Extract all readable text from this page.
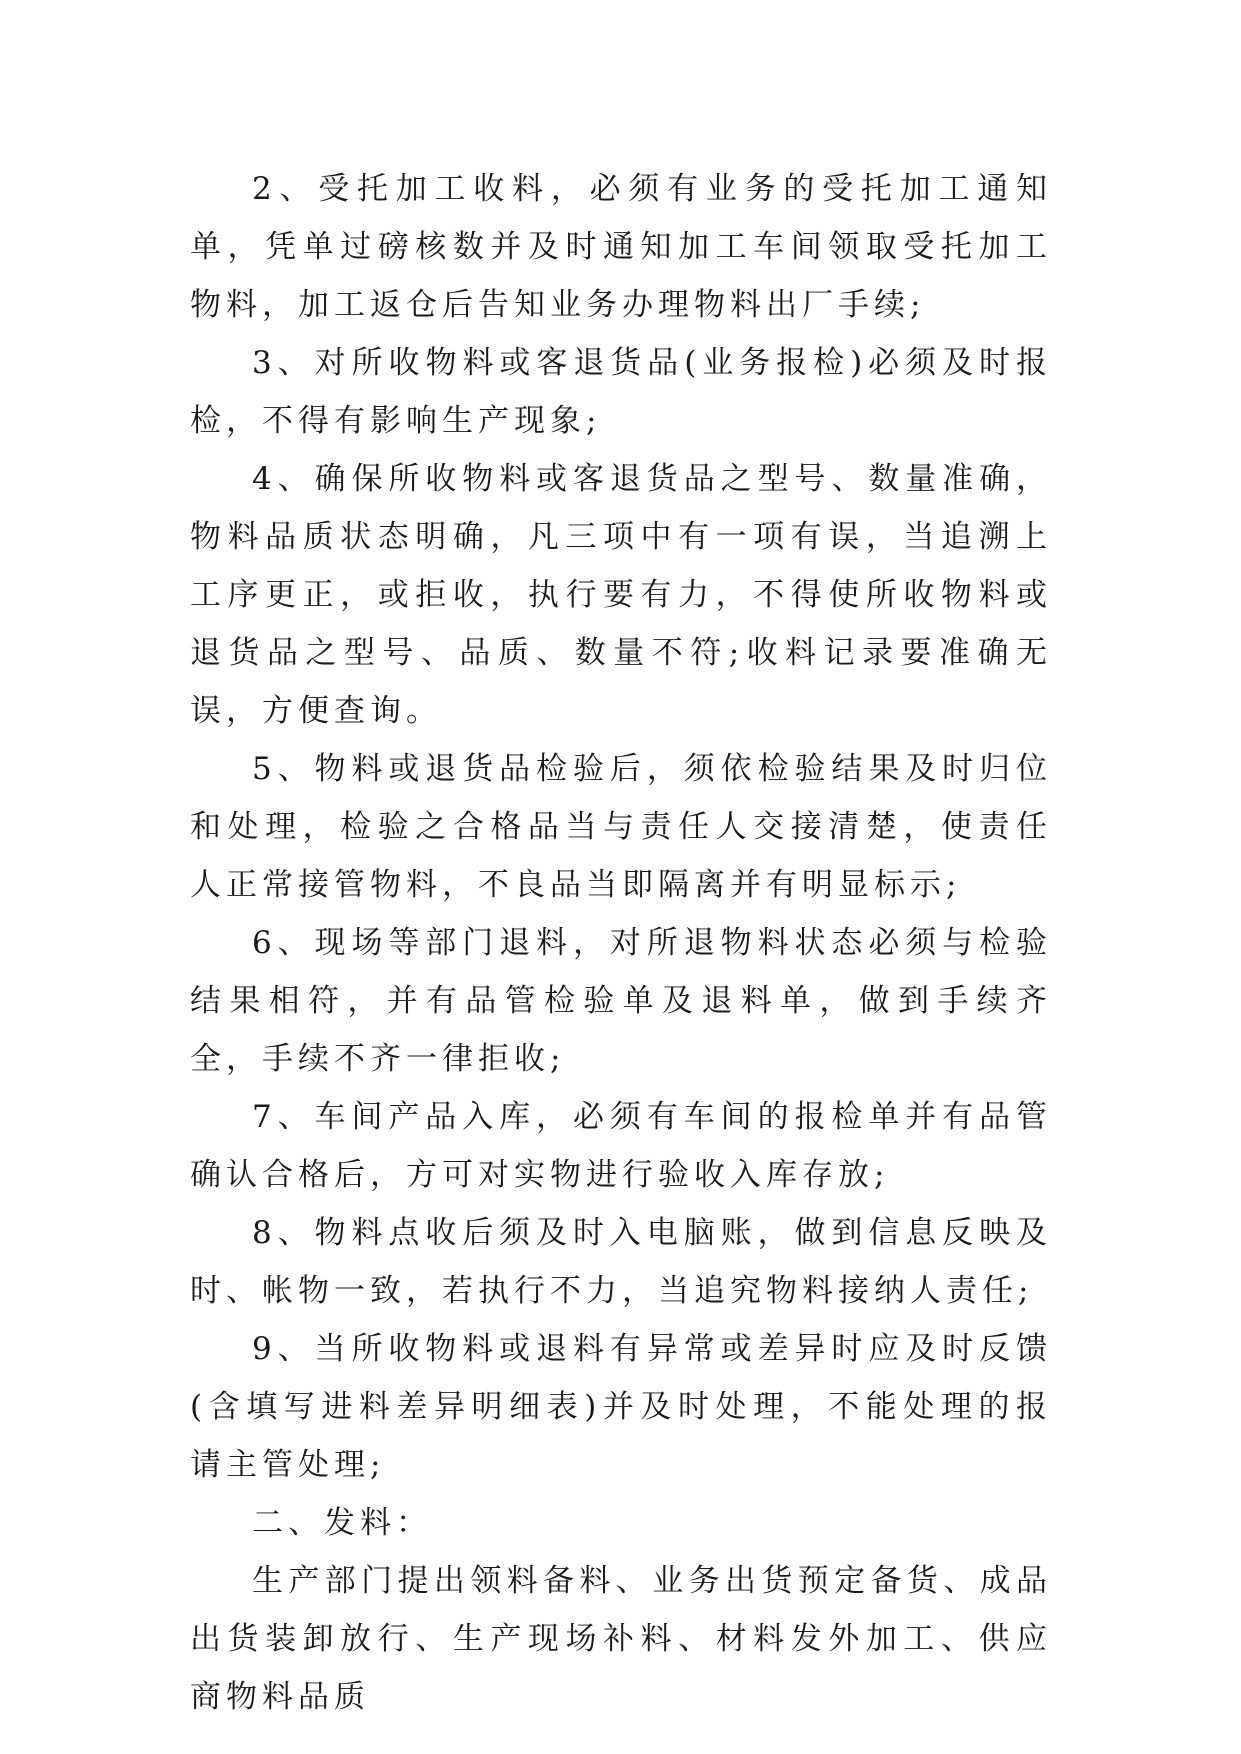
2、受托加工收料，必须有业务的受托加工通知单，凭单过磅核数并及时通知加工车间领取受托加工物料，加工返仓后告知业务办理物料出厂手续;

3、对所收物料或客退货品(业务报检)必须及时报检，不得有影响生产现象;

4、确保所收物料或客退货品之型号、数量准确，物料品质状态明确，凡三项中有一项有误，当追溯上工序更正，或拒收，执行要有力，不得使所收物料或退货品之型号、品质、数量不符;收料记录要准确无误，方便查询。

5、物料或退货品检验后，须依检验结果及时归位和处理，检验之合格品当与责任人交接清楚，使责任人正常接管物料，不良品当即隔离并有明显标示;

6、现场等部门退料，对所退物料状态必须与检验结果相符，并有品管检验单及退料单，做到手续齐全，手续不齐一律拒收;

7、车间产品入库，必须有车间的报检单并有品管确认合格后，方可对实物进行验收入库存放;

8、物料点收后须及时入电脑账，做到信息反映及时、帐物一致，若执行不力，当追究物料接纳人责任;

9、当所收物料或退料有异常或差异时应及时反馈(含填写进料差异明细表)并及时处理，不能处理的报请主管处理;

二、发料：

生产部门提出领料备料、业务出货预定备货、成品出货装卸放行、生产现场补料、材料发外加工、供应商物料品质
